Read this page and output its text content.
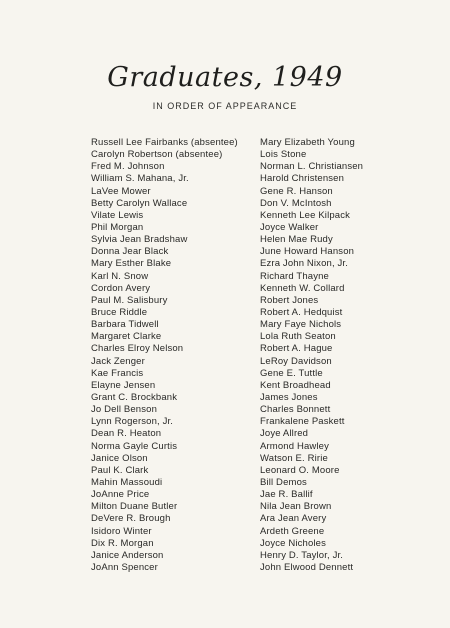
Graduates, 1949
IN ORDER OF APPEARANCE
Russell Lee Fairbanks (absentee)
Carolyn Robertson (absentee)
Fred M. Johnson
William S. Mahana, Jr.
LaVee Mower
Betty Carolyn Wallace
Vilate Lewis
Phil Morgan
Sylvia Jean Bradshaw
Donna Jear Black
Mary Esther Blake
Karl N. Snow
Cordon Avery
Paul M. Salisbury
Bruce Riddle
Barbara Tidwell
Margaret Clarke
Charles Elroy Nelson
Jack Zenger
Kae Francis
Elayne Jensen
Grant C. Brockbank
Jo Dell Benson
Lynn Rogerson, Jr.
Dean R. Heaton
Norma Gayle Curtis
Janice Olson
Paul K. Clark
Mahin Massoudi
JoAnne Price
Milton Duane Butler
DeVere R. Brough
Isidoro Winter
Dix R. Morgan
Janice Anderson
JoAnn Spencer
Mary Elizabeth Young
Lois Stone
Norman L. Christiansen
Harold Christensen
Gene R. Hanson
Don V. McIntosh
Kenneth Lee Kilpack
Joyce Walker
Helen Mae Rudy
June Howard Hanson
Ezra John Nixon, Jr.
Richard Thayne
Kenneth W. Collard
Robert Jones
Robert A. Hedquist
Mary Faye Nichols
Lola Ruth Seaton
Robert A. Hague
LeRoy Davidson
Gene E. Tuttle
Kent Broadhead
James Jones
Charles Bonnett
Frankalene Paskett
Joye Allred
Armond Hawley
Watson E. Ririe
Leonard O. Moore
Bill Demos
Jae R. Ballif
Nila Jean Brown
Ara Jean Avery
Ardeth Greene
Joyce Nicholes
Henry D. Taylor, Jr.
John Elwood Dennett
